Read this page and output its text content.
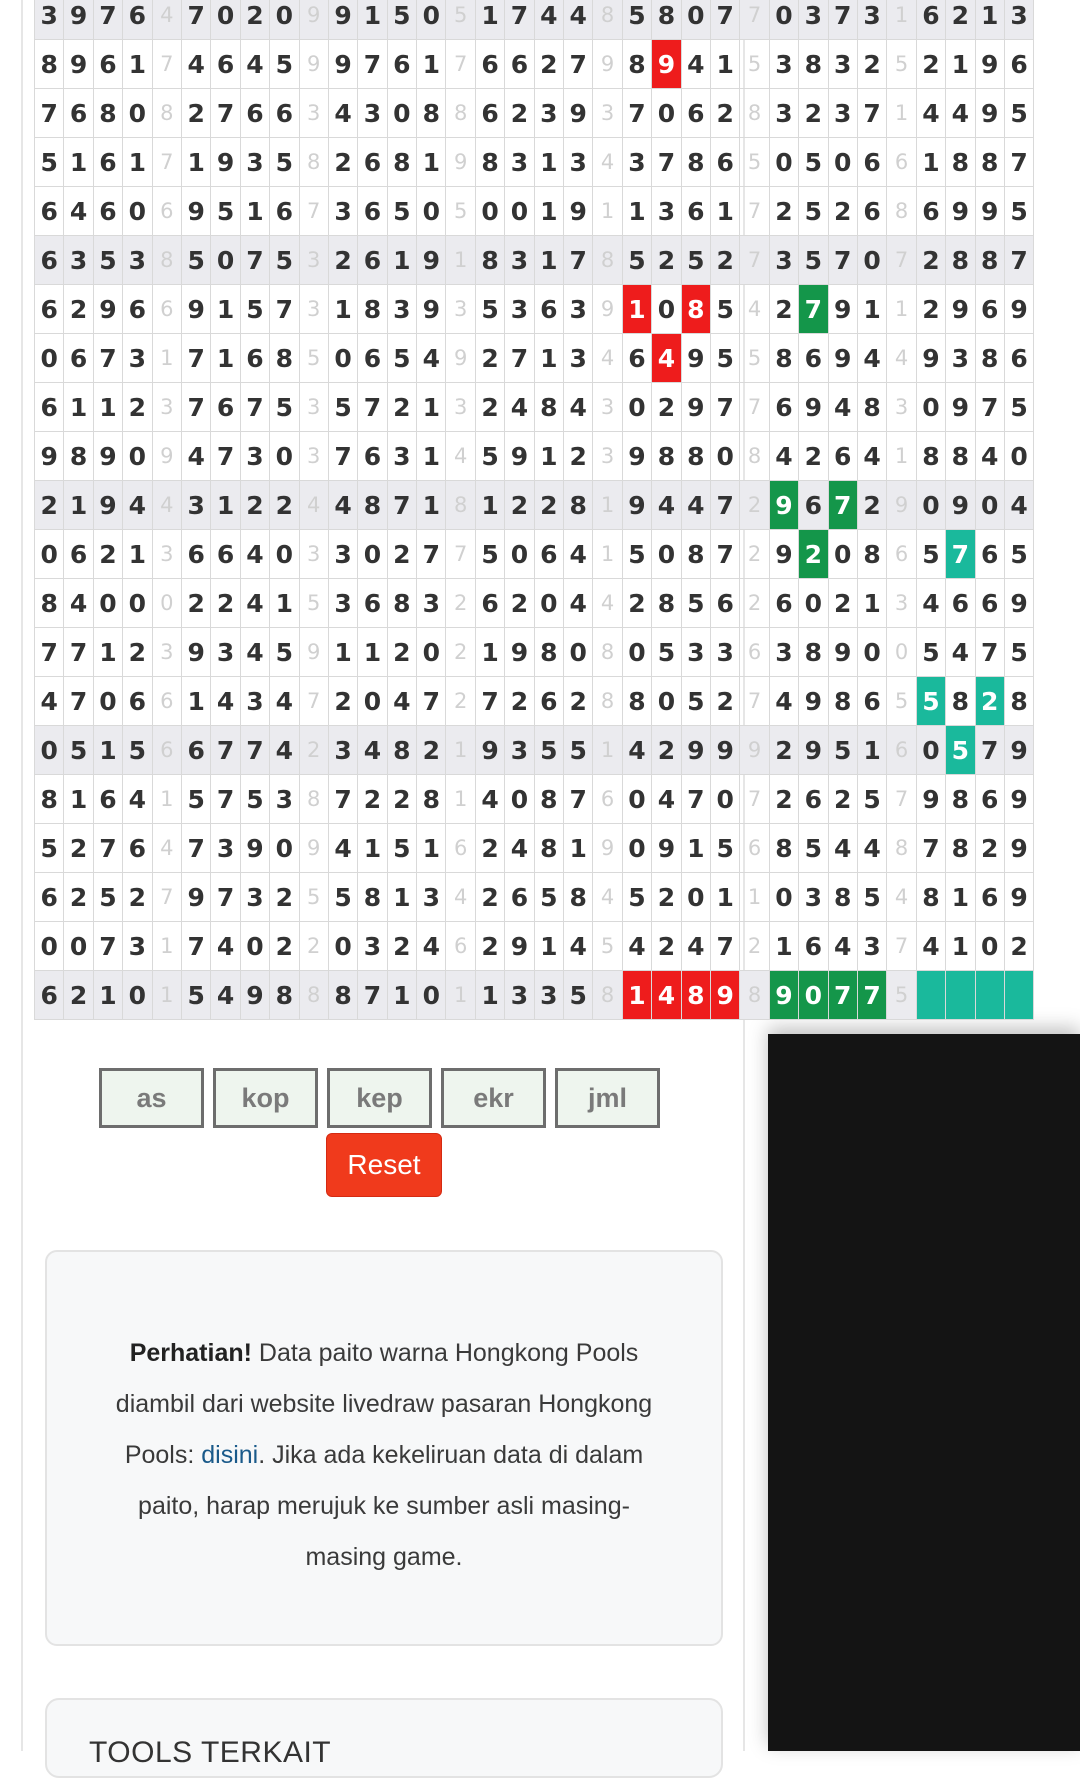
3	9	7	6	4	7	0	2	0	9	9	1	5	0	5	1	7	4	4	8	5	8	0	7	7	0	3	7	3	1	6	2	1	3
8	9	6	1	7	4	6	4	5	9	9	7	6	1	7	6	6	2	7	9	8	9	4	1	5	3	8	3	2	5	2	1	9	6
7	6	8	0	8	2	7	6	6	3	4	3	0	8	8	6	2	3	9	3	7	0	6	2	8	3	2	3	7	1	4	4	9	5
5	1	6	1	7	1	9	3	5	8	2	6	8	1	9	8	3	1	3	4	3	7	8	6	5	0	5	0	6	6	1	8	8	7
6	4	6	0	6	9	5	1	6	7	3	6	5	0	5	0	0	1	9	1	1	3	6	1	7	2	5	2	6	8	6	9	9	5
6	3	5	3	8	5	0	7	5	3	2	6	1	9	1	8	3	1	7	8	5	2	5	2	7	3	5	7	0	7	2	8	8	7
6	2	9	6	6	9	1	5	7	3	1	8	3	9	3	5	3	6	3	9	1	0	8	5	4	2	7	9	1	1	2	9	6	9
0	6	7	3	1	7	1	6	8	5	0	6	5	4	9	2	7	1	3	4	6	4	9	5	5	8	6	9	4	4	9	3	8	6
6	1	1	2	3	7	6	7	5	3	5	7	2	1	3	2	4	8	4	3	0	2	9	7	7	6	9	4	8	3	0	9	7	5
9	8	9	0	9	4	7	3	0	3	7	6	3	1	4	5	9	1	2	3	9	8	8	0	8	4	2	6	4	1	8	8	4	0
2	1	9	4	4	3	1	2	2	4	4	8	7	1	8	1	2	2	8	1	9	4	4	7	2	9	6	7	2	9	0	9	0	4
0	6	2	1	3	6	6	4	0	3	3	0	2	7	7	5	0	6	4	1	5	0	8	7	2	9	2	0	8	6	5	7	6	5
8	4	0	0	0	2	2	4	1	5	3	6	8	3	2	6	2	0	4	4	2	8	5	6	2	6	0	2	1	3	4	6	6	9
7	7	1	2	3	9	3	4	5	9	1	1	2	0	2	1	9	8	0	8	0	5	3	3	6	3	8	9	0	0	5	4	7	5
4	7	0	6	6	1	4	3	4	7	2	0	4	7	2	7	2	6	2	8	8	0	5	2	7	4	9	8	6	5	5	8	2	8
0	5	1	5	6	6	7	7	4	2	3	4	8	2	1	9	3	5	5	1	4	2	9	9	9	2	9	5	1	6	0	5	7	9
8	1	6	4	1	5	7	5	3	8	7	2	2	8	1	4	0	8	7	6	0	4	7	0	7	2	6	2	5	7	9	8	6	9
5	2	7	6	4	7	3	9	0	9	4	1	5	1	6	2	4	8	1	9	0	9	1	5	6	8	5	4	4	8	7	8	2	9
6	2	5	2	7	9	7	3	2	5	5	8	1	3	4	2	6	5	8	4	5	2	0	1	1	0	3	8	5	4	8	1	6	9
0	0	7	3	1	7	4	0	2	2	0	3	2	4	6	2	9	1	4	5	4	2	4	7	2	1	6	4	3	7	4	1	0	2
6	2	1	0	1	5	4	9	8	8	8	7	1	0	1	1	3	3	5	8	1	4	8	9	8	9	0	7	7	5				
as
kop
kep
ekr
jml
Reset
Perhatian! Data paito warna Hongkong Pools diambil dari website livedraw pasaran Hongkong Pools: disini. Jika ada kekeliruan data di dalam paito, harap merujuk ke sumber asli masing-masing game.
TOOLS TERKAIT
